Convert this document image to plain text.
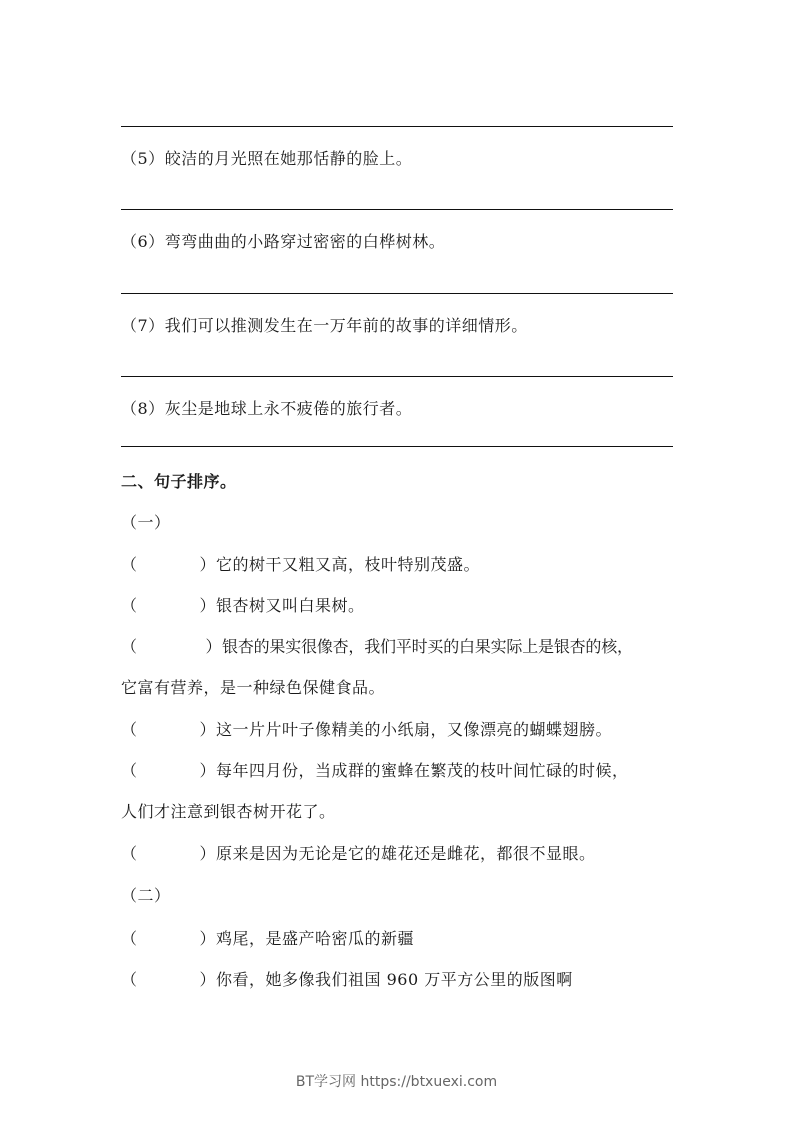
（5）皎洁的月光照在她那恬静的脸上。
（6）弯弯曲曲的小路穿过密密的白桦树林。
（7）我们可以推测发生在一万年前的故事的详细情形。
（8）灰尘是地球上永不疲倦的旅行者。
二、句子排序。
（一）
（	）它的树干又粗又高，枝叶特别茂盛。
（	）银杏树又叫白果树。
（	）银杏的果实很像杏，我们平时买的白果实际上是银杏的核，
它富有营养，是一种绿色保健食品。
（	）这一片片叶子像精美的小纸扇，又像漂亮的蝴蝶翅膀。
（	）每年四月份，当成群的蜜蜂在繁茂的枝叶间忙碌的时候，
人们才注意到银杏树开花了。
（	）原来是因为无论是它的雄花还是雌花，都很不显眼。
（二）
（	）鸡尾，是盛产哈密瓜的新疆
（	）你看，她多像我们祖国 960 万平方公里的版图啊
BT学习网 https://btxuexi.com
